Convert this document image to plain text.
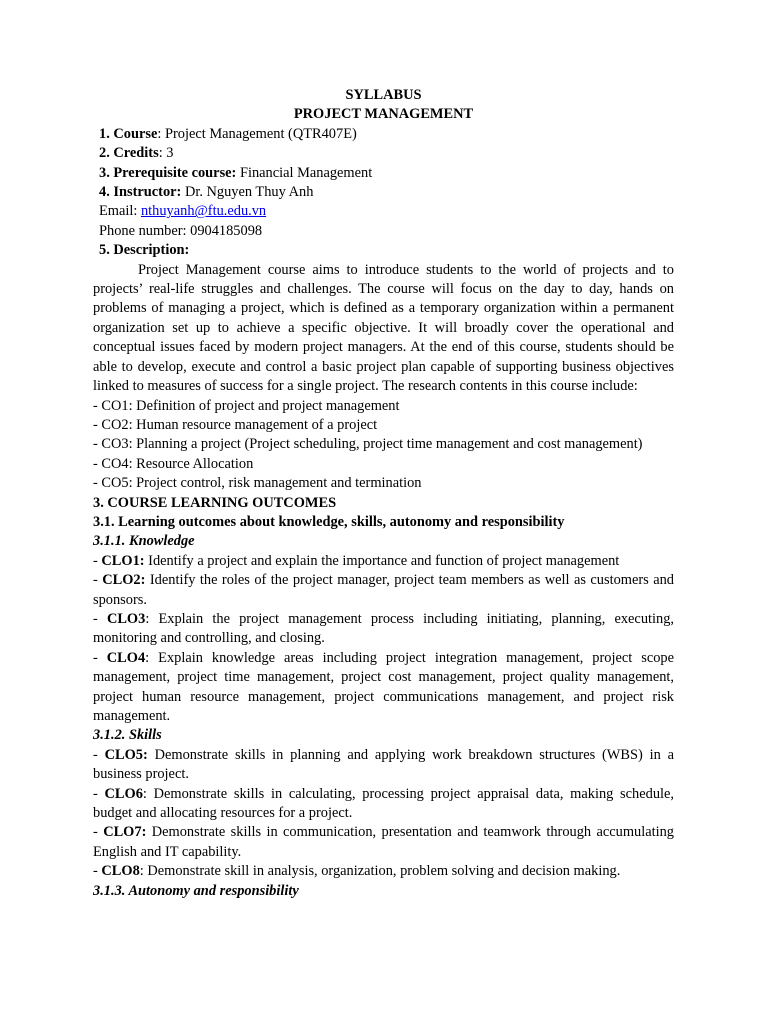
SYLLABUS
PROJECT MANAGEMENT
1. Course: Project Management (QTR407E)
2. Credits: 3
3. Prerequisite course: Financial Management
4. Instructor: Dr. Nguyen Thuy Anh
Email: nthuyanh@ftu.edu.vn
Phone number: 0904185098
5. Description:
Project Management course aims to introduce students to the world of projects and to projects’ real-life struggles and challenges. The course will focus on the day to day, hands on problems of managing a project, which is defined as a temporary organization within a permanent organization set up to achieve a specific objective. It will broadly cover the operational and conceptual issues faced by modern project managers. At the end of this course, students should be able to develop, execute and control a basic project plan capable of supporting business objectives linked to measures of success for a single project. The research contents in this course include:
- CO1: Definition of project and project management
- CO2: Human resource management of a project
- CO3: Planning a project (Project scheduling, project time management and cost management)
- CO4: Resource Allocation
- CO5: Project control, risk management and termination
3. COURSE LEARNING OUTCOMES
3.1. Learning outcomes about knowledge, skills, autonomy and responsibility
3.1.1. Knowledge
- CLO1: Identify a project and explain the importance and function of project management
- CLO2: Identify the roles of the project manager, project team members as well as customers and sponsors.
- CLO3: Explain the project management process including initiating, planning, executing, monitoring and controlling, and closing.
- CLO4: Explain knowledge areas including project integration management, project scope management, project time management, project cost management, project quality management, project human resource management, project communications management, and project risk management.
3.1.2. Skills
- CLO5: Demonstrate skills in planning and applying work breakdown structures (WBS) in a business project.
- CLO6: Demonstrate skills in calculating, processing project appraisal data, making schedule, budget and allocating resources for a project.
- CLO7: Demonstrate skills in communication, presentation and teamwork through accumulating English and IT capability.
- CLO8: Demonstrate skill in analysis, organization, problem solving and decision making.
3.1.3. Autonomy and responsibility
